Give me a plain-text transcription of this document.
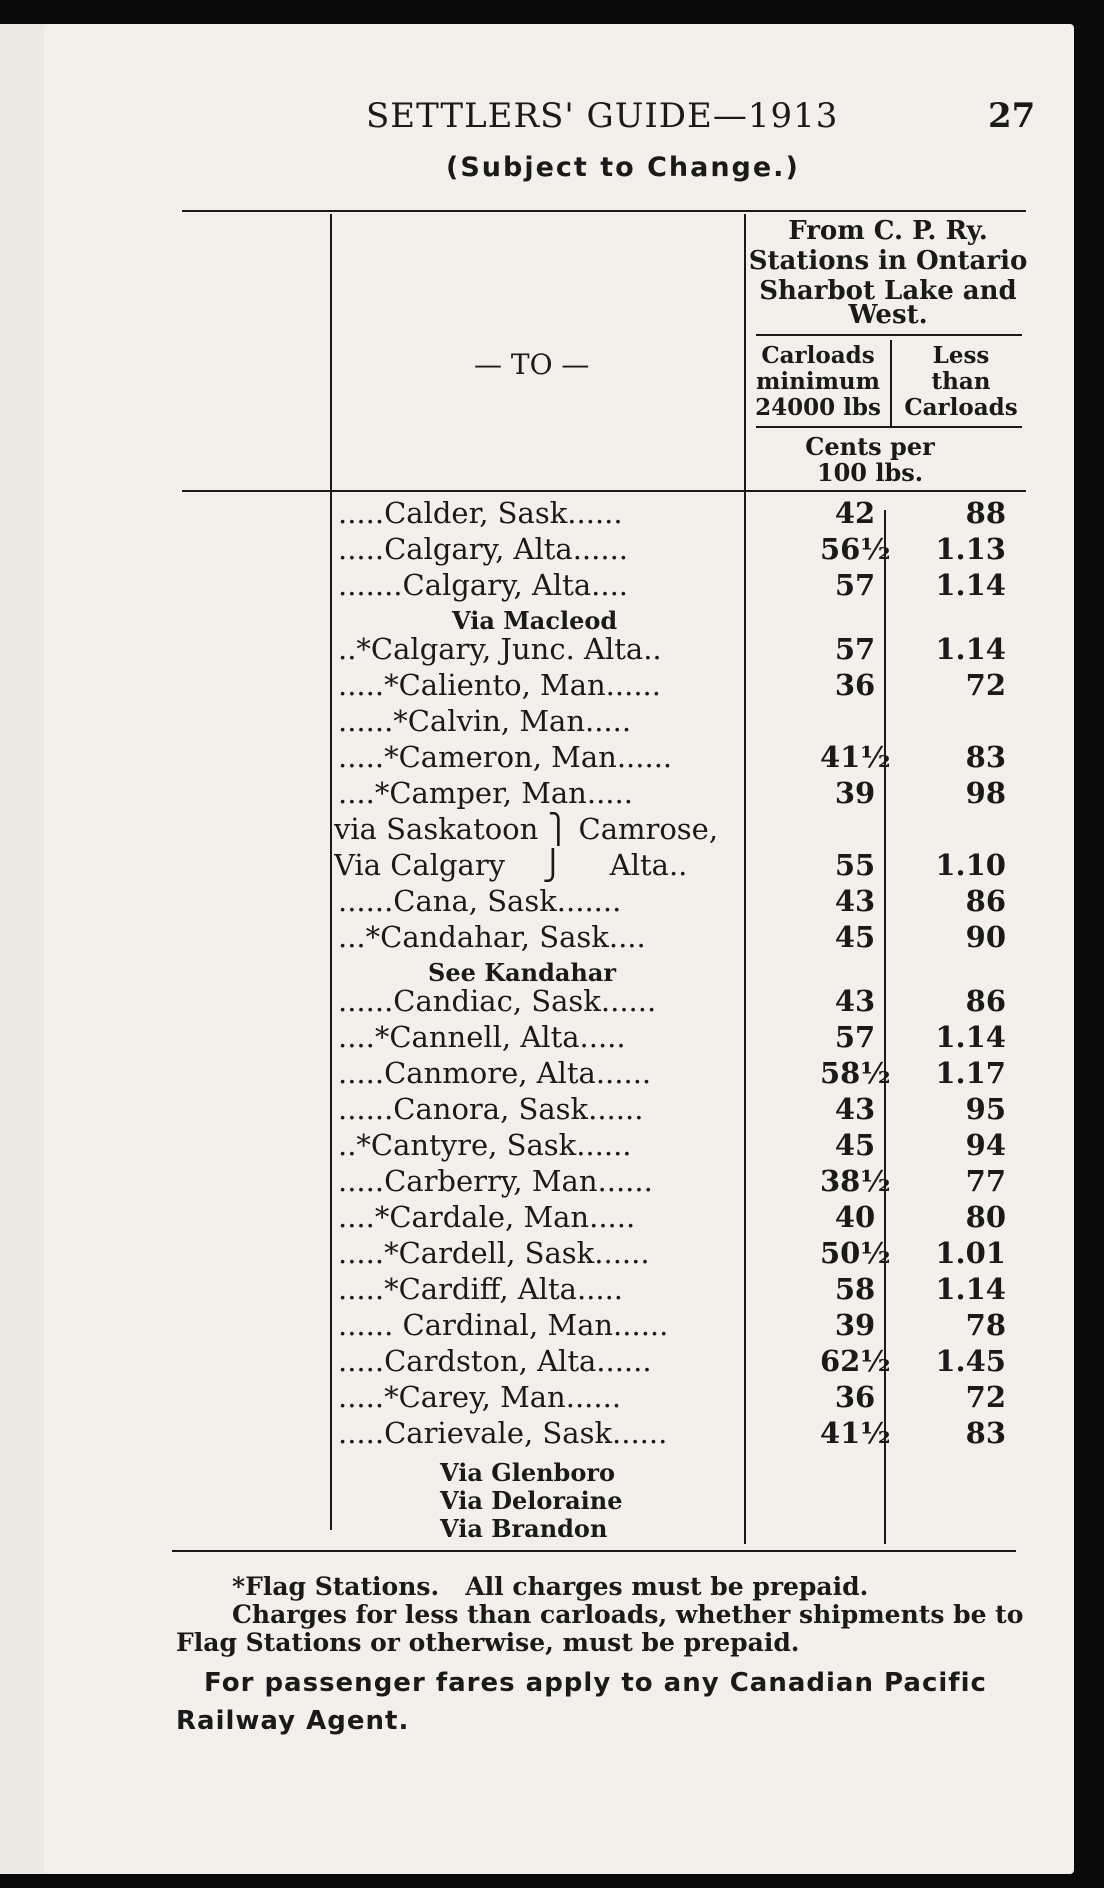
SETTLERS' GUIDE—1913	27
(Subject to Change.)
— TO —
From C. P. Ry.
Stations in Ontario
Sharbot Lake and
West.
Carloads
minimum
24000 lbs
Less
than
Carloads
Cents per
100 lbs.
.....Calder, Sask......	42	88
.....Calgary, Alta......	56½	1.13
.......Calgary, Alta....	57	1.14
Via Macleod
..*Calgary, Junc. Alta..	57	1.14
.....*Caliento, Man......	36	72
......*Calvin, Man.....
.....*Cameron, Man......	41½	83
....*Camper, Man.....	39	98
via Saskatoon ⎫ Camrose,
Via Calgary    ⎭     Alta..	55	1.10
......Cana, Sask.......	43	86
...*Candahar, Sask....	45	90
See Kandahar
......Candiac, Sask......	43	86
....*Cannell, Alta.....	57	1.14
.....Canmore, Alta......	58½	1.17
......Canora, Sask......	43	95
..*Cantyre, Sask......	45	94
.....Carberry, Man......	38½	77
....*Cardale, Man.....	40	80
.....*Cardell, Sask......	50½	1.01
.....*Cardiff, Alta.....	58	1.14
...... Cardinal, Man......	39	78
.....Cardston, Alta......	62½	1.45
.....*Carey, Man......	36	72
.....Carievale, Sask......	41½	83
Via Glenboro
Via Deloraine
Via Brandon
*Flag Stations.   All charges must be prepaid.
Charges for less than carloads, whether shipments be to
Flag Stations or otherwise, must be prepaid.
For passenger fares apply to any Canadian Pacific
Railway Agent.
